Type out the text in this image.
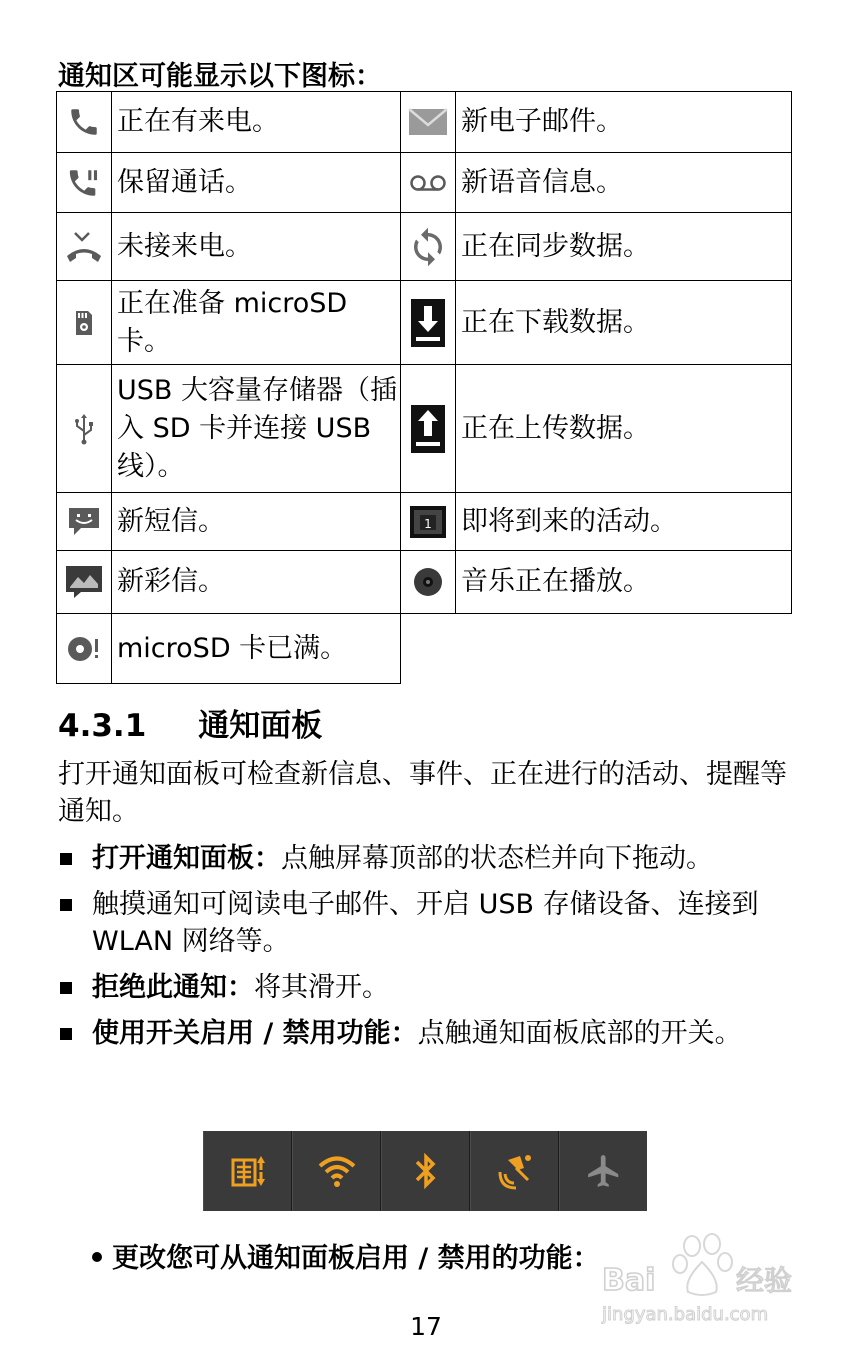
通知区可能显示以下图标：
	正在有来电。		新电子邮件。

	保留通话。		新语音信息。

	未接来电。		正在同步数据。

	正在准备 microSD 卡。		正在下载数据。

	USB 大容量存储器（插入 SD 卡并连接 USB 线）。		正在上传数据。

	新短信。	1	即将到来的活动。

	新彩信。		音乐正在播放。

	microSD 卡已满。		
4.3.1 通知面板
打开通知面板可检查新信息、事件、正在进行的活动、提醒等通知。
打开通知面板：点触屏幕顶部的状态栏并向下拖动。
触摸通知可阅读电子邮件、开启 USB 存储设备、连接到 WLAN 网络等。
拒绝此通知：将其滑开。
使用开关启用 / 禁用功能：点触通知面板底部的开关。
更改您可从通知面板启用 / 禁用的功能：
Bai	经验
jingyan.baidu.com
17
